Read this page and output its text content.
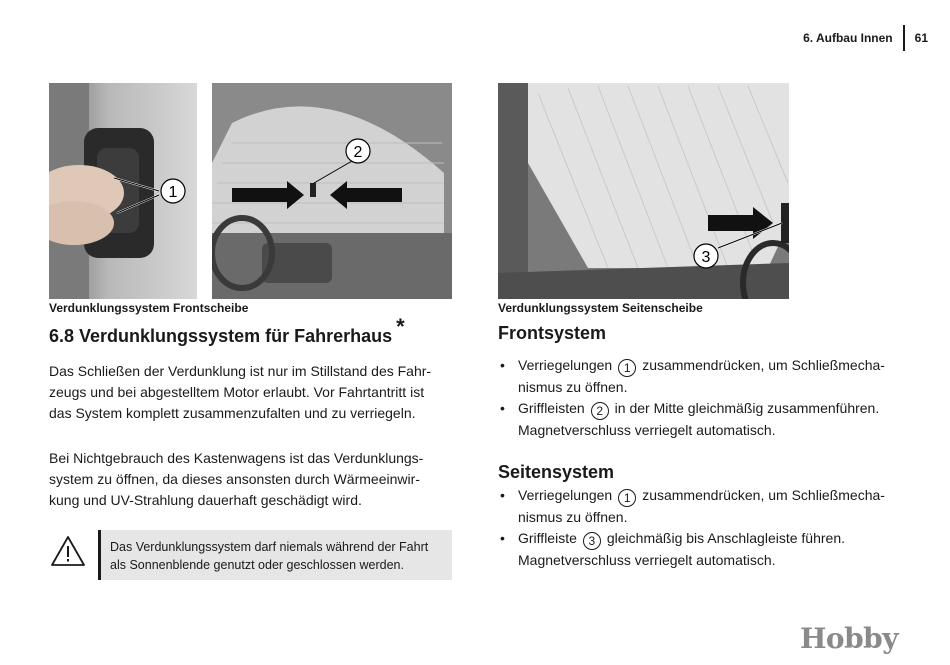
6. Aufbau Innen 61
1
2
3
Verdunklungssystem Frontscheibe	Verdunklungssystem Seitenscheibe
6.8 Verdunklungssystem für Fahrerhaus *

Das Schließen der Verdunklung ist nur im Stillstand des Fahr-
zeugs und bei abgestelltem Motor erlaubt. Vor Fahrtantritt ist
das System komplett zusammenzufalten und zu verriegeln.

Bei Nichtgebrauch des Kastenwagens ist das Verdunklungs-
system zu öffnen, da dieses ansonsten durch Wärmeeinwir-
kung und UV-Strahlung dauerhaft geschädigt wird.

Das Verdunklungssystem darf niemals während der Fahrt
als Sonnenblende genutzt oder geschlossen werden.
Frontsystem
• Verriegelungen 1 zusammendrücken, um Schließmecha-
nismus zu öffnen.
• Griffleisten 2 in der Mitte gleichmäßig zusammenführen.
Magnetverschluss verriegelt automatisch.
Seitensystem
• Verriegelungen 1 zusammendrücken, um Schließmecha-
nismus zu öffnen.
• Griffleiste 3 gleichmäßig bis Anschlagleiste führen.
Magnetverschluss verriegelt automatisch.
Hobby
